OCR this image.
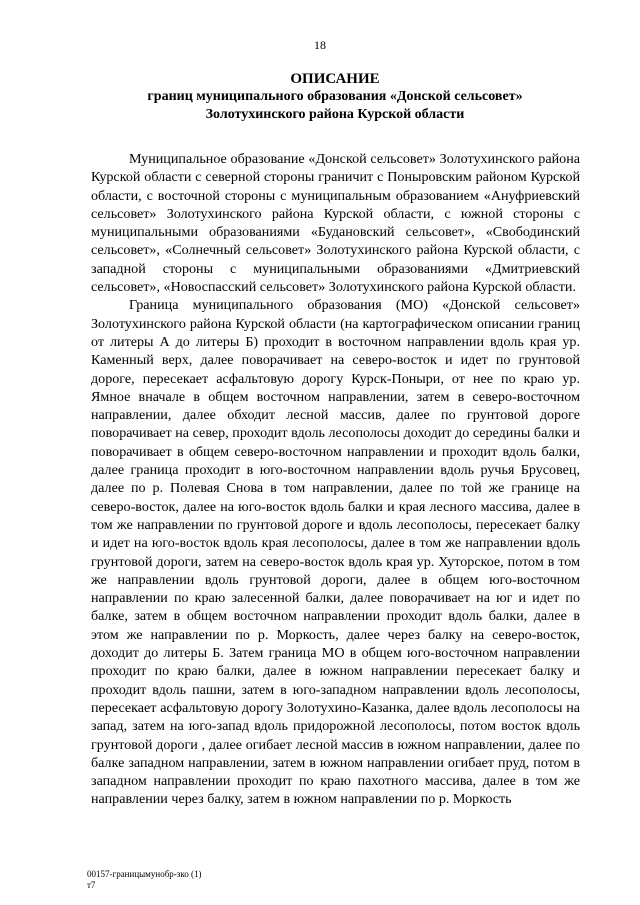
18
ОПИСАНИЕ
границ муниципального образования «Донской сельсовет»
Золотухинского района Курской области

Муниципальное образование «Донской сельсовет» Золотухинского района Курской области с северной стороны граничит с Поныровским районом Курской области, с восточной стороны с муниципальным образованием «Ануфриевский сельсовет» Золотухинского района Курской области, с южной стороны с муниципальными образованиями «Будановский сельсовет», «Свободинский сельсовет», «Солнечный сельсовет» Золотухинского района Курской области, с западной стороны с муниципальными образованиями «Дмитриевский сельсовет», «Новоспасский сельсовет» Золотухинского района Курской области.

Граница муниципального образования (МО) «Донской сельсовет» Золотухинского района Курской области (на картографическом описании границ от литеры А до литеры Б) проходит в восточном направлении вдоль края ур. Каменный верх, далее поворачивает на северо-восток и идет по грунтовой дороге, пересекает асфальтовую дорогу Курск-Поныри, от нее по краю ур. Ямное вначале в общем восточном направлении, затем в северо-восточном направлении, далее обходит лесной массив, далее по грунтовой дороге поворачивает на север, проходит вдоль лесополосы доходит до середины балки и поворачивает в общем северо-восточном направлении и проходит вдоль балки, далее граница проходит в юго-восточном направлении вдоль ручья Брусовец, далее по р. Полевая Снова в том направлении, далее по той же границе на северо-восток, далее на юго-восток вдоль балки и края лесного массива, далее в том же направлении по грунтовой дороге и вдоль лесополосы, пересекает балку и идет на юго-восток вдоль края лесополосы, далее в том же направлении вдоль грунтовой дороги, затем на северо-восток вдоль края ур. Хуторское, потом в том же направлении вдоль грунтовой дороги, далее в общем юго-восточном направлении по краю залесенной балки, далее поворачивает на юг и идет по балке, затем в общем восточном направлении проходит вдоль балки, далее в этом же направлении по р. Моркость, далее через балку на северо-восток, доходит до литеры Б. Затем граница МО в общем юго-восточном направлении проходит по краю балки, далее в южном направлении пересекает балку и проходит вдоль пашни, затем в юго-западном направлении вдоль лесополосы, пересекает асфальтовую дорогу Золотухино-Казанка, далее вдоль лесополосы на запад, затем на юго-запад вдоль придорожной лесополосы, потом восток вдоль грунтовой дороги , далее огибает лесной массив в южном направлении, далее по балке западном направлении, затем в южном направлении огибает пруд, потом в западном направлении проходит по краю пахотного массива, далее в том же направлении через балку, затем в южном направлении по р. Моркость

00157-границымунобр-зко (1)
т7
